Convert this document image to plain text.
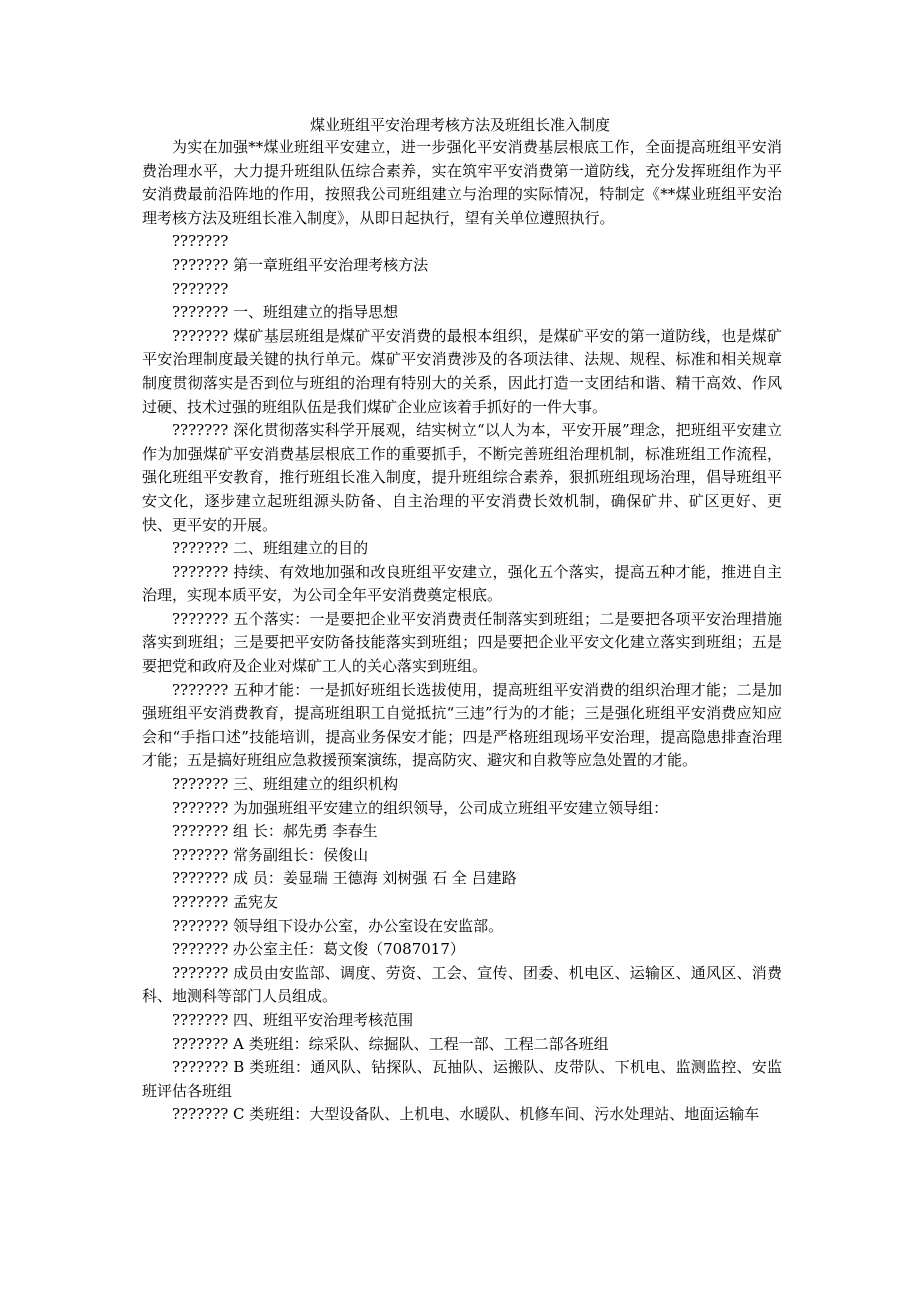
煤业班组平安治理考核方法及班组长准入制度

为实在加强**煤业班组平安建立，进一步强化平安消费基层根底工作，全面提高班组平安消费治理水平，大力提升班组队伍综合素养，实在筑牢平安消费第一道防线，充分发挥班组作为平安消费最前沿阵地的作用，按照我公司班组建立与治理的实际情况，特制定《**煤业班组平安治理考核方法及班组长准入制度》，从即日起执行，望有关单位遵照执行。

???????

??????? 第一章班组平安治理考核方法

???????

??????? 一、班组建立的指导思想

??????? 煤矿基层班组是煤矿平安消费的最根本组织，是煤矿平安的第一道防线，也是煤矿平安治理制度最关键的执行单元。煤矿平安消费涉及的各项法律、法规、规程、标准和相关规章制度贯彻落实是否到位与班组的治理有特别大的关系，因此打造一支团结和谐、精干高效、作风过硬、技术过强的班组队伍是我们煤矿企业应该着手抓好的一件大事。

??????? 深化贯彻落实科学开展观，结实树立“以人为本，平安开展”理念，把班组平安建立作为加强煤矿平安消费基层根底工作的重要抓手，不断完善班组治理机制，标准班组工作流程，强化班组平安教育，推行班组长准入制度，提升班组综合素养，狠抓班组现场治理，倡导班组平安文化，逐步建立起班组源头防备、自主治理的平安消费长效机制，确保矿井、矿区更好、更快、更平安的开展。

??????? 二、班组建立的目的

??????? 持续、有效地加强和改良班组平安建立，强化五个落实，提高五种才能，推进自主治理，实现本质平安，为公司全年平安消费奠定根底。

??????? 五个落实：一是要把企业平安消费责任制落实到班组；二是要把各项平安治理措施落实到班组；三是要把平安防备技能落实到班组；四是要把企业平安文化建立落实到班组；五是要把党和政府及企业对煤矿工人的关心落实到班组。

??????? 五种才能：一是抓好班组长选拔使用，提高班组平安消费的组织治理才能；二是加强班组平安消费教育，提高班组职工自觉抵抗“三违”行为的才能；三是强化班组平安消费应知应会和“手指口述”技能培训，提高业务保安才能；四是严格班组现场平安治理，提高隐患排查治理才能；五是搞好班组应急救援预案演练，提高防灾、避灾和自救等应急处置的才能。

??????? 三、班组建立的组织机构

??????? 为加强班组平安建立的组织领导，公司成立班组平安建立领导组：

??????? 组 长：郝先勇 李春生

??????? 常务副组长：侯俊山

??????? 成 员：姜显瑞 王德海 刘树强 石 全 吕建路

??????? 孟宪友

??????? 领导组下设办公室，办公室设在安监部。

??????? 办公室主任：葛文俊（7087017）

??????? 成员由安监部、调度、劳资、工会、宣传、团委、机电区、运输区、通风区、消费科、地测科等部门人员组成。

??????? 四、班组平安治理考核范围

??????? A 类班组：综采队、综掘队、工程一部、工程二部各班组

??????? B 类班组：通风队、钻探队、瓦抽队、运搬队、皮带队、下机电、监测监控、安监班评估各班组

??????? C 类班组：大型设备队、上机电、水暖队、机修车间、污水处理站、地面运输车
